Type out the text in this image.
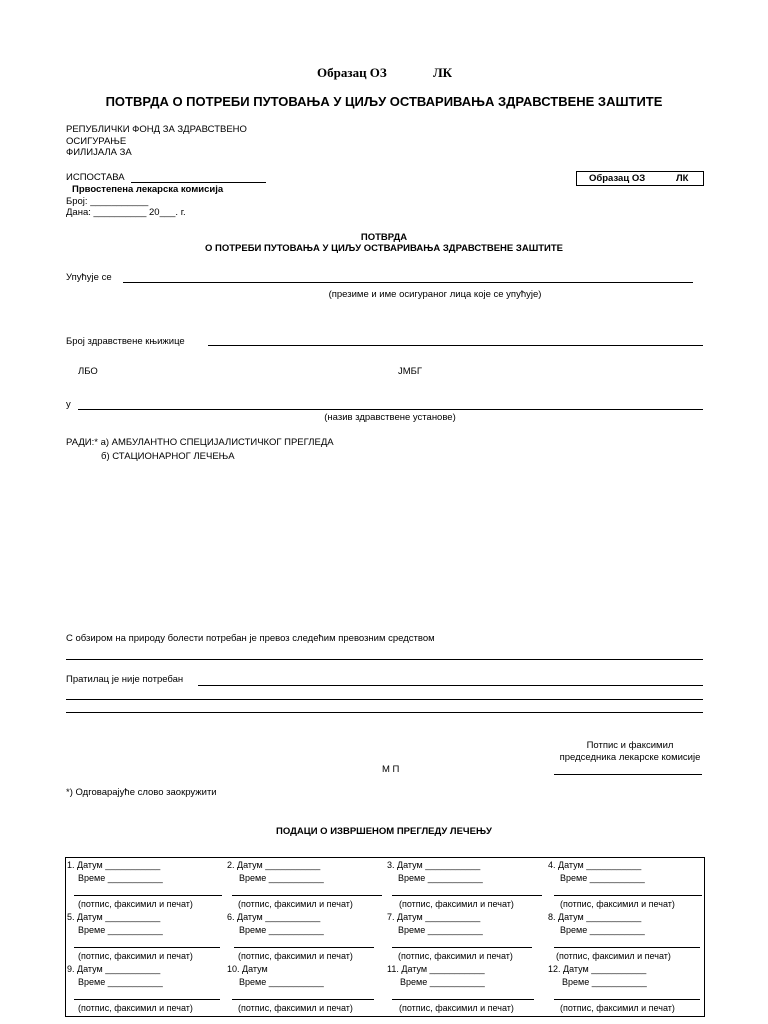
Образац ОЗ	ЛК
ПОТВРДА О ПОТРЕБИ ПУТОВАЊА У ЦИЉУ ОСТВАРИВАЊА ЗДРАВСТВЕНЕ ЗАШТИТЕ
РЕПУБЛИЧКИ ФОНД ЗА ЗДРАВСТВЕНО
ОСИГУРАЊЕ
ФИЛИЈАЛА ЗА
ИСПОСТАВА
Првостепена лекарска комисија
Број: ___________
Дана: __________ 20___. г.
Образац ОЗ	ЛК
ПОТВРДА
О ПОТРЕБИ ПУТОВАЊА У ЦИЉУ ОСТВАРИВАЊА ЗДРАВСТВЕНЕ ЗАШТИТЕ
Упућује се
(презиме и име осигураног лица које се упућује)
Број здравствене књижице
ЛБО	ЈМБГ
у
(назив здравствене установе)
РАДИ:* а) АМБУЛАНТНО СПЕЦИЈАЛИСТИЧКОГ ПРЕГЛЕДА
б) СТАЦИОНАРНОГ ЛЕЧЕЊА
С обзиром на природу болести потребан је превоз следећим превозним средством
Пратилац је није потребан
Потпис и факсимил
председника лекарске комисије
М П
*) Одговарајуће слово заокружити
ПОДАЦИ О ИЗВРШЕНОМ ПРЕГЛЕДУ ЛЕЧЕЊУ
1. Датум ___________
Време ___________
(потпис, факсимил и печат)
2. Датум ___________
Време ___________
(потпис, факсимил и печат)
3. Датум ___________
Време ___________
(потпис, факсимил и печат)
4. Датум ___________
Време ___________
(потпис, факсимил и печат)
5. Датум ___________
Време ___________
(потпис, факсимил и печат)
6. Датум ___________
Време ___________
(потпис, факсимил и печат)
7. Датум ___________
Време ___________
(потпис, факсимил и печат)
8. Датум ___________
Време ___________
(потпис, факсимил и печат)
9. Датум ___________
Време ___________
(потпис, факсимил и печат)
10. Датум
Време ___________
(потпис, факсимил и печат)
11. Датум ___________
Време ___________
(потпис, факсимил и печат)
12. Датум ___________
Време ___________
(потпис, факсимил и печат)
